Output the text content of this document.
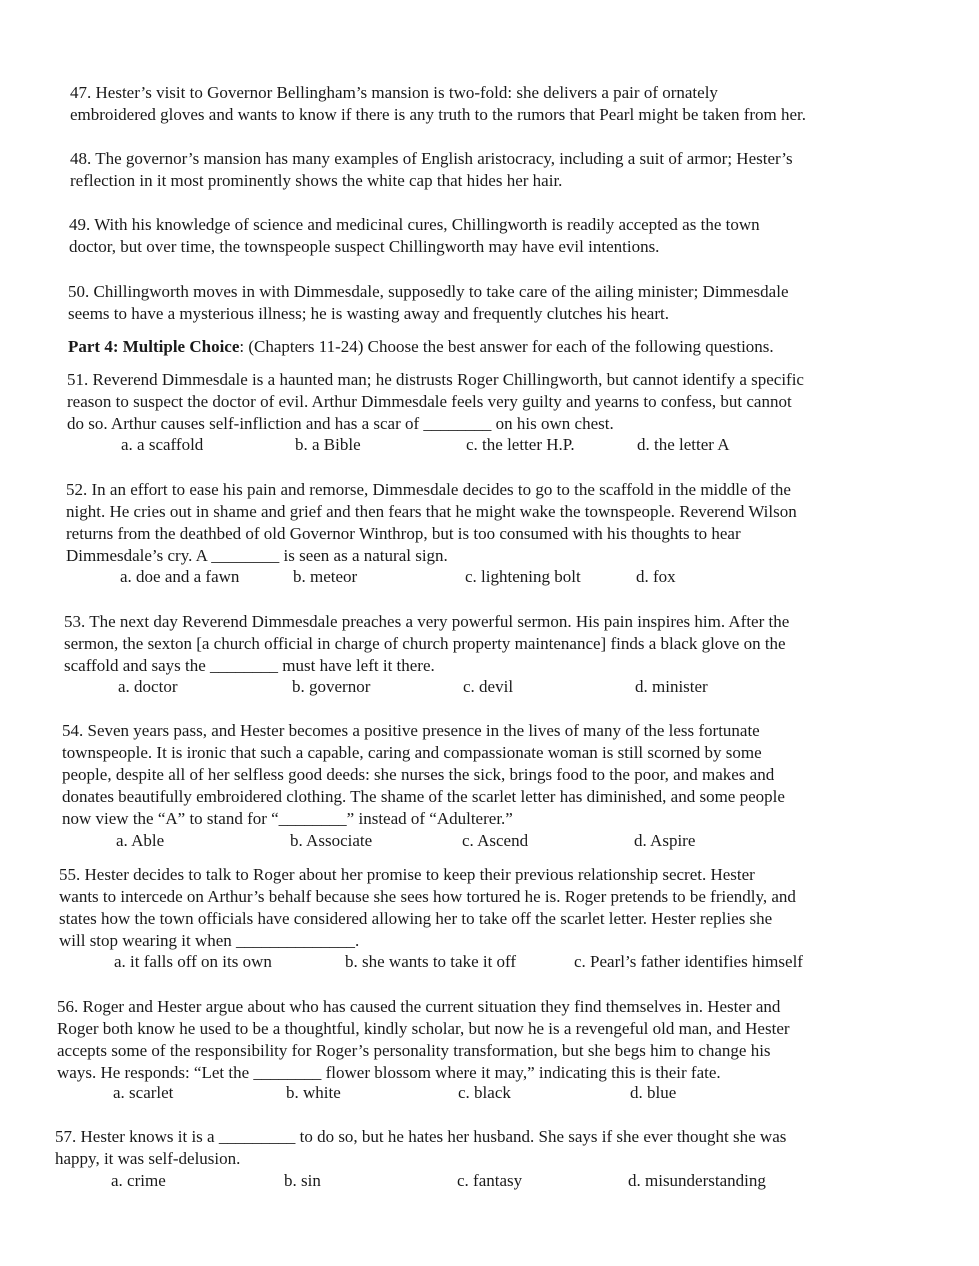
47. Hester’s visit to Governor Bellingham’s mansion is two-fold: she delivers a pair of ornately

embroidered gloves and wants to know if there is any truth to the rumors that Pearl might be taken from her.

48. The governor’s mansion has many examples of English aristocracy, including a suit of armor; Hester’s

reflection in it most prominently shows the white cap that hides her hair.

49. With his knowledge of science and medicinal cures, Chillingworth is readily accepted as the town

doctor, but over time, the townspeople suspect Chillingworth may have evil intentions.

50. Chillingworth moves in with Dimmesdale, supposedly to take care of the ailing minister; Dimmesdale

seems to have a mysterious illness; he is wasting away and frequently clutches his heart.

Part 4: Multiple Choice: (Chapters 11-24) Choose the best answer for each of the following questions.

51. Reverend Dimmesdale is a haunted man; he distrusts Roger Chillingworth, but cannot identify a specific

reason to suspect the doctor of evil. Arthur Dimmesdale feels very guilty and yearns to confess, but cannot

do so. Arthur causes self-infliction and has a scar of ________ on his own chest.

a. a scaffold	b. a Bible	c. the letter H.P.	d. the letter A

52. In an effort to ease his pain and remorse, Dimmesdale decides to go to the scaffold in the middle of the

night. He cries out in shame and grief and then fears that he might wake the townspeople. Reverend Wilson

returns from the deathbed of old Governor Winthrop, but is too consumed with his thoughts to hear

Dimmesdale’s cry. A ________ is seen as a natural sign.

a. doe and a fawn	b. meteor	c. lightening bolt	d. fox

53. The next day Reverend Dimmesdale preaches a very powerful sermon. His pain inspires him. After the

sermon, the sexton [a church official in charge of church property maintenance] finds a black glove on the

scaffold and says the ________ must have left it there.

a. doctor	b. governor	c. devil	d. minister

54. Seven years pass, and Hester becomes a positive presence in the lives of many of the less fortunate

townspeople. It is ironic that such a capable, caring and compassionate woman is still scorned by some

people, despite all of her selfless good deeds: she nurses the sick, brings food to the poor, and makes and

donates beautifully embroidered clothing. The shame of the scarlet letter has diminished, and some people

now view the “A” to stand for “________” instead of “Adulterer.”

a. Able	b. Associate	c. Ascend	d. Aspire

55. Hester decides to talk to Roger about her promise to keep their previous relationship secret. Hester

wants to intercede on Arthur’s behalf because she sees how tortured he is. Roger pretends to be friendly, and

states how the town officials have considered allowing her to take off the scarlet letter. Hester replies she

will stop wearing it when ______________.

a. it falls off on its own	b. she wants to take it off	c. Pearl’s father identifies himself

56. Roger and Hester argue about who has caused the current situation they find themselves in. Hester and

Roger both know he used to be a thoughtful, kindly scholar, but now he is a revengeful old man, and Hester

accepts some of the responsibility for Roger’s personality transformation, but she begs him to change his

ways. He responds: “Let the ________ flower blossom where it may,” indicating this is their fate.

a. scarlet	b. white	c. black	d. blue

57. Hester knows it is a _________ to do so, but he hates her husband. She says if she ever thought she was

happy, it was self-delusion.

a. crime	b. sin	c. fantasy	d. misunderstanding
